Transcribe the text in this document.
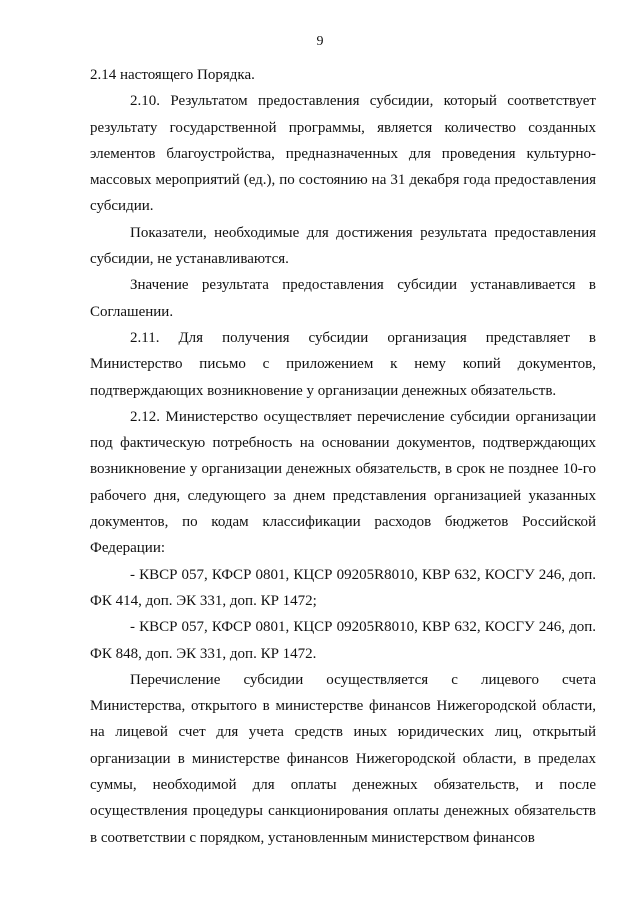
9

2.14 настоящего Порядка.

2.10. Результатом предоставления субсидии, который соответствует результату государственной программы, является количество созданных элементов благоустройства, предназначенных для проведения культурно-массовых мероприятий (ед.), по состоянию на 31 декабря года предоставления субсидии.

Показатели, необходимые для достижения результата предоставления субсидии, не устанавливаются.

Значение результата предоставления субсидии устанавливается в Соглашении.

2.11. Для получения субсидии организация представляет в Министерство письмо с приложением к нему копий документов, подтверждающих возникновение у организации денежных обязательств.

2.12. Министерство осуществляет перечисление субсидии организации под фактическую потребность на основании документов, подтверждающих возникновение у организации денежных обязательств, в срок не позднее 10-го рабочего дня, следующего за днем представления организацией указанных документов, по кодам классификации расходов бюджетов Российской Федерации:

- КВСР 057, КФСР 0801, КЦСР 09205R8010, КВР 632, КОСГУ 246, доп. ФК 414, доп. ЭК 331, доп. КР 1472;

- КВСР 057, КФСР 0801, КЦСР 09205R8010, КВР 632, КОСГУ 246, доп. ФК 848, доп. ЭК 331, доп. КР 1472.

Перечисление субсидии осуществляется с лицевого счета Министерства, открытого в министерстве финансов Нижегородской области, на лицевой счет для учета средств иных юридических лиц, открытый организации в министерстве финансов Нижегородской области, в пределах суммы, необходимой для оплаты денежных обязательств, и после осуществления процедуры санкционирования оплаты денежных обязательств в соответствии с порядком, установленным министерством финансов
